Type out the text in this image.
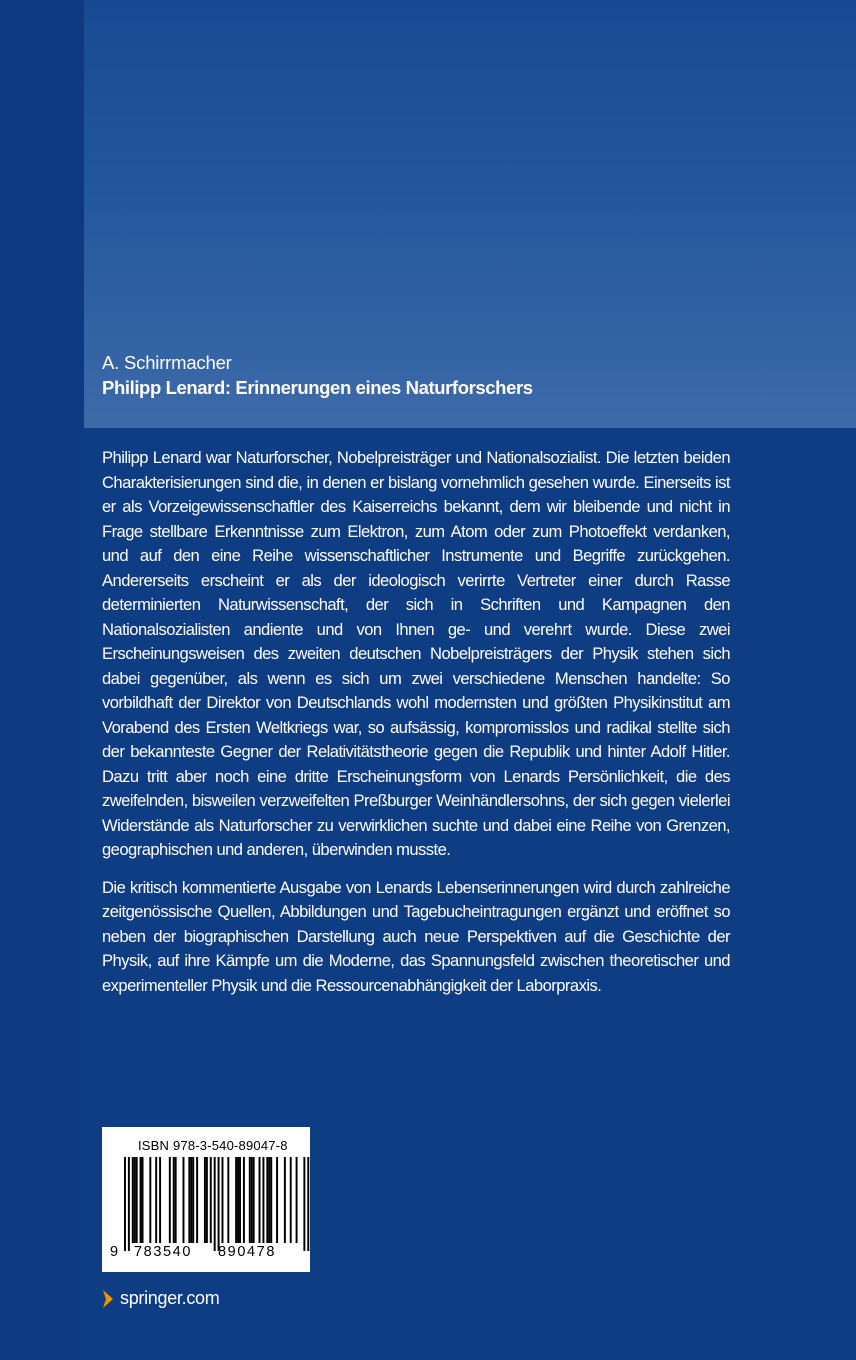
A. Schirrmacher
Philipp Lenard: Erinnerungen eines Naturforschers

Philipp Lenard war Naturforscher, Nobelpreisträger und Nationalsozialist. Die letzten beiden Charakterisierungen sind die, in denen er bislang vornehmlich gesehen wurde. Einerseits ist er als Vorzeigewissenschaftler des Kaiserreichs bekannt, dem wir bleibende und nicht in Frage stellbare Erkenntnisse zum Elektron, zum Atom oder zum Photoeffekt verdanken, und auf den eine Reihe wissenschaftlicher Instrumente und Begriffe zurückgehen. Andererseits erscheint er als der ideologisch verirrte Vertreter einer durch Rasse determinierten Naturwissenschaft, der sich in Schriften und Kampagnen den Nationalsozialisten andiente und von Ihnen ge- und verehrt wurde. Diese zwei Erscheinungsweisen des zweiten deutschen Nobelpreisträgers der Physik stehen sich dabei gegenüber, als wenn es sich um zwei verschiedene Menschen handelte: So vorbildhaft der Direktor von Deutschlands wohl modernsten und größten Physikinstitut am Vorabend des Ersten Weltkriegs war, so aufsässig, kompromisslos und radikal stellte sich der bekannteste Gegner der Relativitätstheorie gegen die Republik und hinter Adolf Hitler. Dazu tritt aber noch eine dritte Erscheinungsform von Lenards Persönlichkeit, die des zweifelnden, bisweilen verzweifelten Preßburger Weinhändlersohns, der sich gegen vielerlei Widerstände als Naturforscher zu verwirklichen suchte und dabei eine Reihe von Grenzen, geographischen und anderen, überwinden musste.

Die kritisch kommentierte Ausgabe von Lenards Lebenserinnerungen wird durch zahlreiche zeitgenössische Quellen, Abbildungen und Tagebucheintragungen ergänzt und eröffnet so neben der biographischen Darstellung auch neue Perspektiven auf die Geschichte der Physik, auf ihre Kämpfe um die Moderne, das Spannungsfeld zwischen theoretischer und experimenteller Physik und die Ressourcenabhängigkeit der Laborpraxis.

ISBN 978-3-540-89047-8
9 783540 890478
springer.com
